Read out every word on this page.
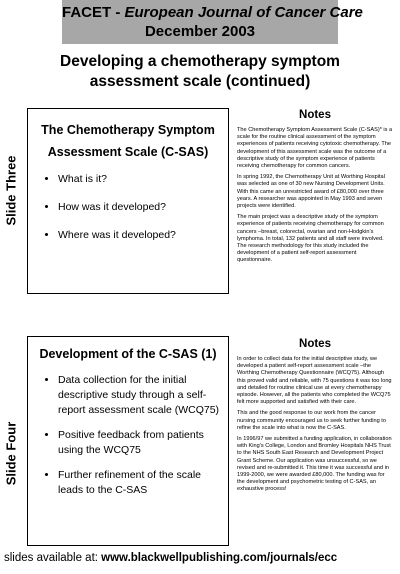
FACET - European Journal of Cancer Care
December 2003
Developing a chemotherapy symptom assessment scale (continued)
Slide Three
The Chemotherapy Symptom
Assessment Scale (C-SAS)
• What is it?
• How was it developed?
• Where was it developed?
Notes

The Chemotherapy Symptom Assessment Scale (C-SAS)* is a scale for the routine clinical assessment of the symptom experiences of patients receiving cytotoxic chemotherapy. The development of this assessment scale was the outcome of a descriptive study of the symptom experience of patients receiving chemotherapy for common cancers.

In spring 1992, the Chemotherapy Unit at Worthing Hospital was selected as one of 30 new Nursing Development Units. With this came an unrestricted award of £80,000 over three years. A researcher was appointed in May 1993 and seven projects were identified.

The main project was a descriptive study of the symptom experience of patients receiving chemotherapy for common cancers –breast, colorectal, ovarian and non-Hodgkin’s lymphoma. In total, 132 patients and all staff were involved. The research methodology for this study included the development of a patient self-report assessment questionnaire.

Slide Four
Development of the C-SAS (1)
• Data collection for the initial descriptive study through a self-report assessment scale (WCQ75)
• Positive feedback from patients using the WCQ75
• Further refinement of the scale leads to the C-SAS
Notes

In order to collect data for the initial descriptive study, we developed a patient self-report assessment scale –the Worthing Chemotherapy Questionnaire (WCQ75). Although this proved valid and reliable, with 75 questions it was too long and detailed for routine clinical use at every chemotherapy episode. However, all the patients who completed the WCQ75 felt more supported and satisfied with their care.

This and the good response to our work from the cancer nursing community encouraged us to seek further funding to refine the scale into what is now the C-SAS.

In 1996/97 we submitted a funding application, in collaboration with King’s College, London and Bromley Hospitals NHS Trust to the NHS South East Research and Development Project Grant Scheme. Our application was unsuccessful, so we revised and re-submitted it. This time it was successful and in 1999-2000, we were awarded £80,000. The funding was for the development and psychometric testing of C-SAS, an exhaustive process!

slides available at: www.blackwellpublishing.com/journals/ecc
